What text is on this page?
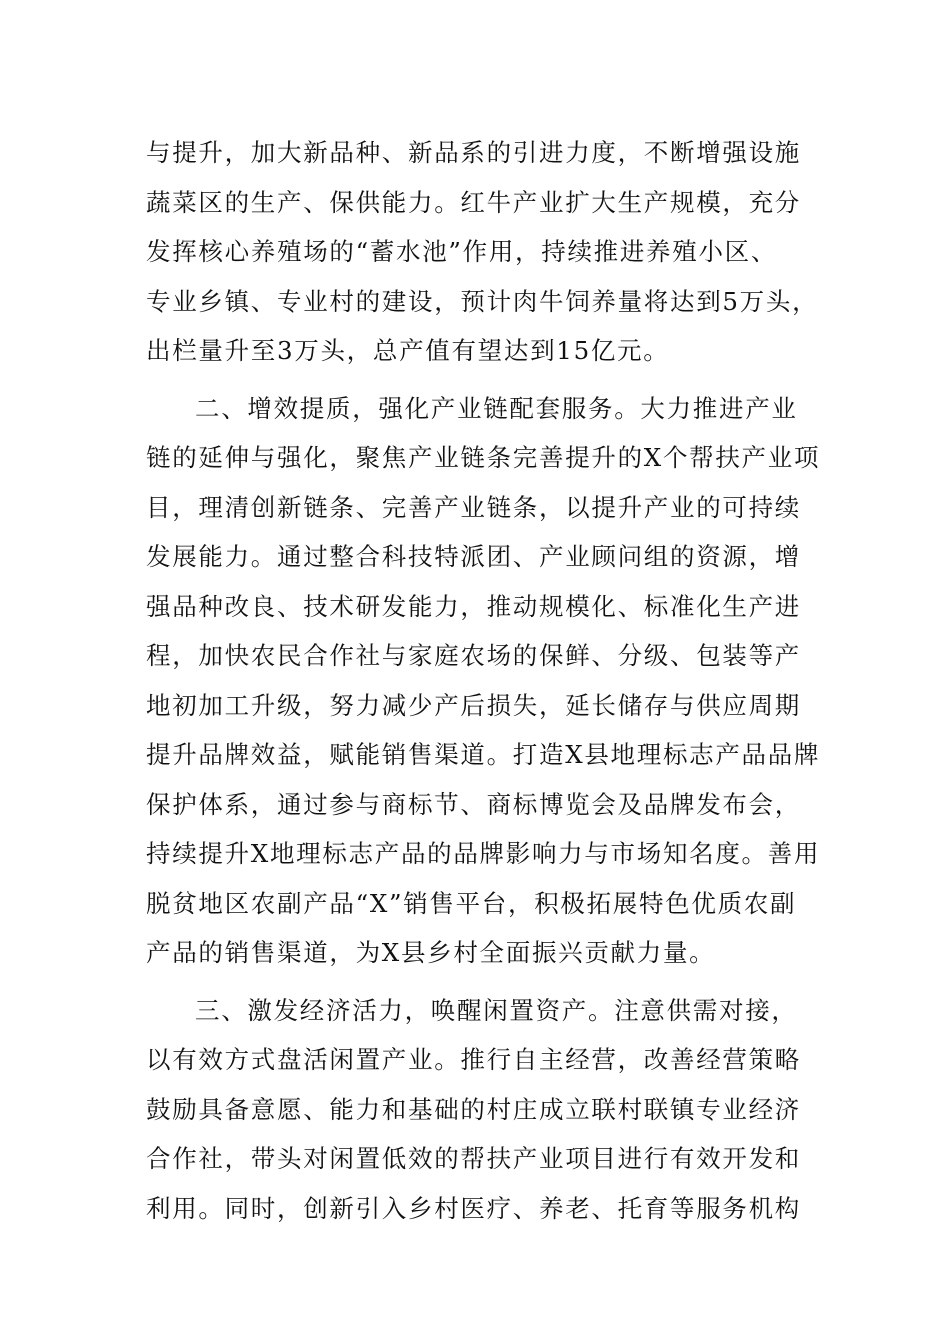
与提升，加大新品种、新品系的引进力度，不断增强设施
蔬菜区的生产、保供能力。红牛产业扩大生产规模，充分
发挥核心养殖场的“蓄水池”作用，持续推进养殖小区、
专业乡镇、专业村的建设，预计肉牛饲养量将达到5万头，
出栏量升至3万头，总产值有望达到15亿元。
二、增效提质，强化产业链配套服务。大力推进产业
链的延伸与强化，聚焦产业链条完善提升的X个帮扶产业项
目，理清创新链条、完善产业链条，以提升产业的可持续
发展能力。通过整合科技特派团、产业顾问组的资源，增
强品种改良、技术研发能力，推动规模化、标准化生产进
程，加快农民合作社与家庭农场的保鲜、分级、包装等产
地初加工升级，努力减少产后损失，延长储存与供应周期
提升品牌效益，赋能销售渠道。打造X县地理标志产品品牌
保护体系，通过参与商标节、商标博览会及品牌发布会，
持续提升X地理标志产品的品牌影响力与市场知名度。善用
脱贫地区农副产品“X”销售平台，积极拓展特色优质农副
产品的销售渠道，为X县乡村全面振兴贡献力量。
三、激发经济活力，唤醒闲置资产。注意供需对接，
以有效方式盘活闲置产业。推行自主经营，改善经营策略
鼓励具备意愿、能力和基础的村庄成立联村联镇专业经济
合作社，带头对闲置低效的帮扶产业项目进行有效开发和
利用。同时，创新引入乡村医疗、养老、托育等服务机构
